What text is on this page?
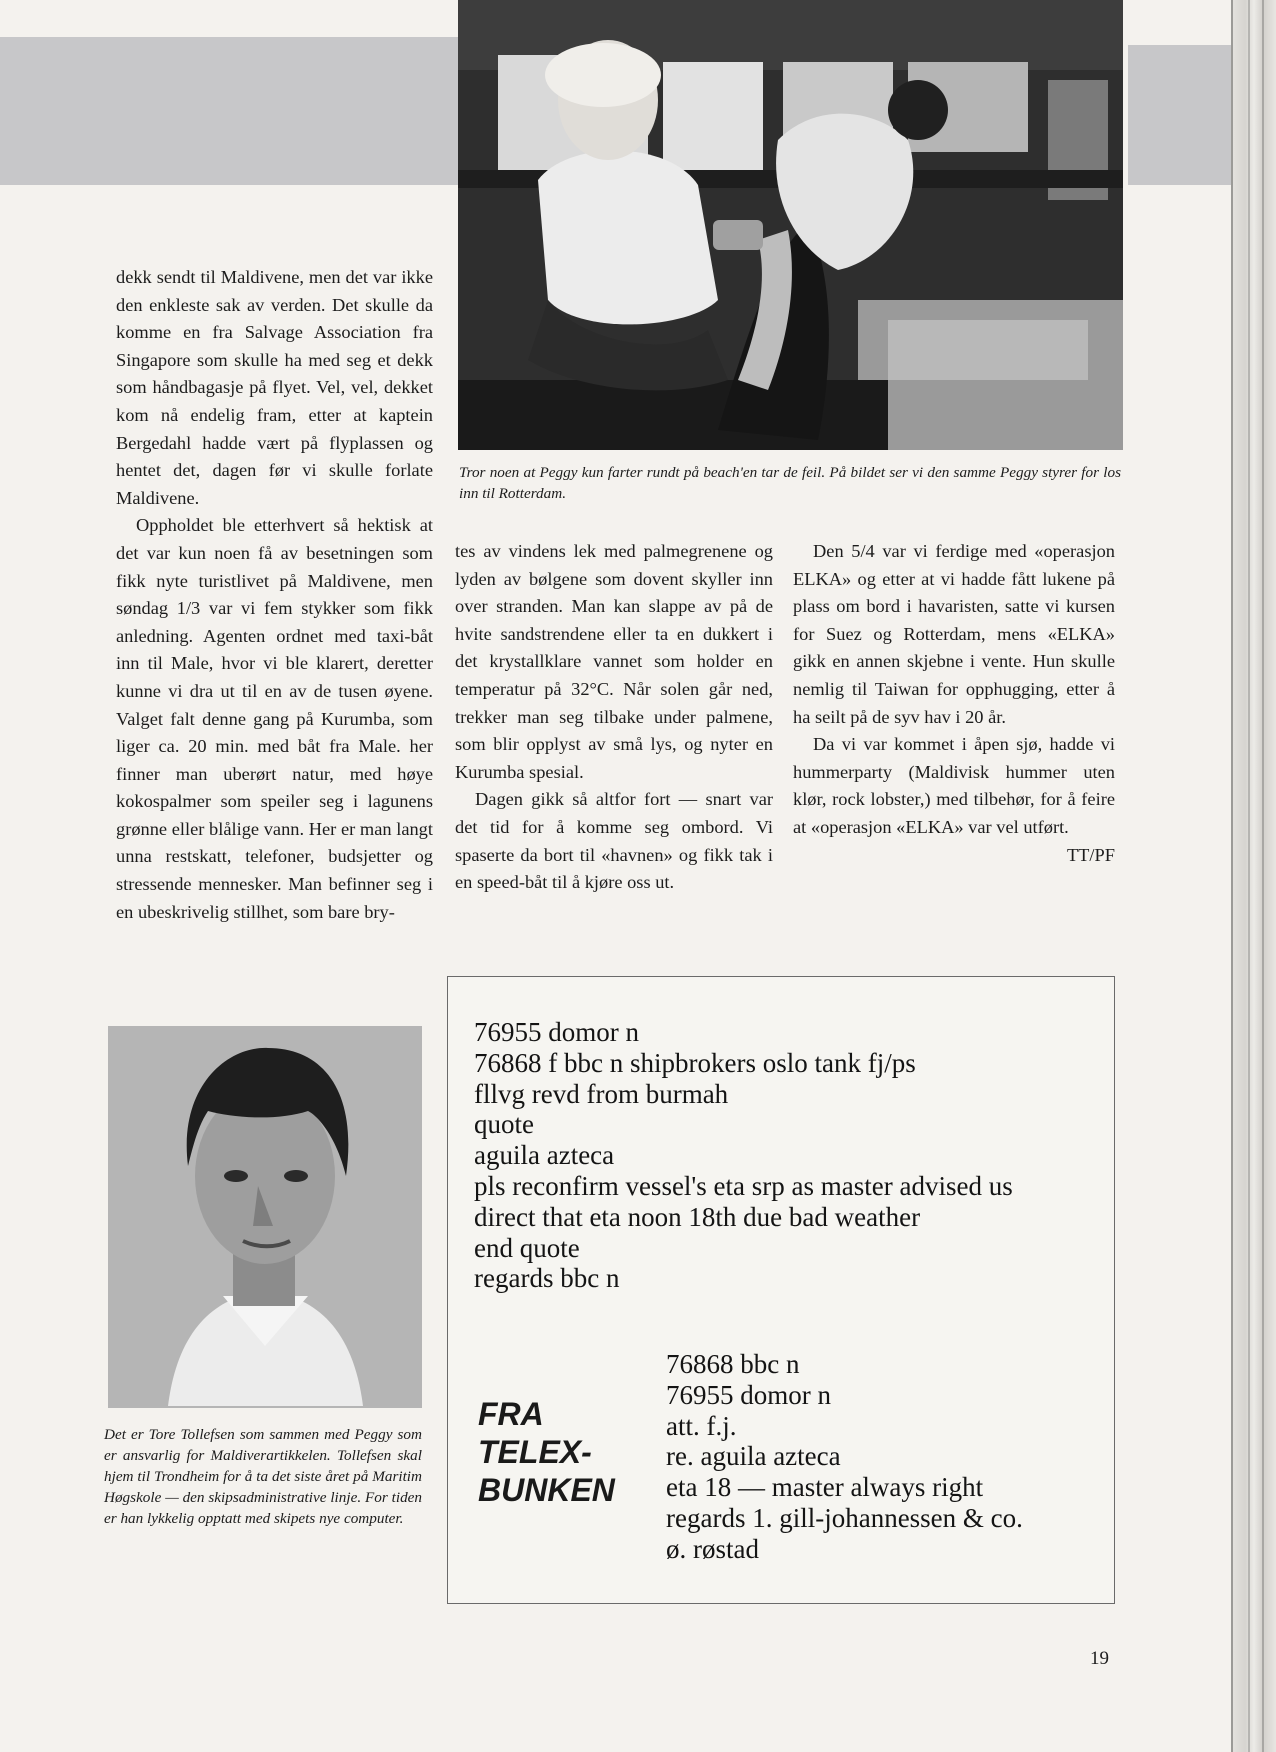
Tror noen at Peggy kun farter rundt på beach'en tar de feil. På bildet ser vi den samme Peggy styrer for los inn til Rotterdam.

dekk sendt til Maldivene, men det var ikke den enkleste sak av verden. Det skulle da komme en fra Salvage Association fra Singapore som skulle ha med seg et dekk som håndbagasje på flyet. Vel, vel, dekket kom nå endelig fram, etter at kaptein Bergedahl hadde vært på flyplassen og hentet det, dagen før vi skulle forlate Maldivene.

Oppholdet ble etterhvert så hektisk at det var kun noen få av besetningen som fikk nyte turistlivet på Maldivene, men søndag 1/3 var vi fem stykker som fikk anledning. Agenten ordnet med taxi-båt inn til Male, hvor vi ble klarert, deretter kunne vi dra ut til en av de tusen øyene. Valget falt denne gang på Kurumba, som liger ca. 20 min. med båt fra Male. her finner man uberørt natur, med høye kokospalmer som speiler seg i lagunens grønne eller blålige vann. Her er man langt unna restskatt, telefoner, budsjetter og stressende mennesker. Man befinner seg i en ubeskrivelig stillhet, som bare bry-

tes av vindens lek med palmegrenene og lyden av bølgene som dovent skyller inn over stranden. Man kan slappe av på de hvite sandstrendene eller ta en dukkert i det krystallklare vannet som holder en temperatur på 32°C. Når solen går ned, trekker man seg tilbake under palmene, som blir opplyst av små lys, og nyter en Kurumba spesial.

Dagen gikk så altfor fort — snart var det tid for å komme seg ombord. Vi spaserte da bort til «havnen» og fikk tak i en speed-båt til å kjøre oss ut.

Den 5/4 var vi ferdige med «operasjon ELKA» og etter at vi hadde fått lukene på plass om bord i havaristen, satte vi kursen for Suez og Rotterdam, mens «ELKA» gikk en annen skjebne i vente. Hun skulle nemlig til Taiwan for opphugging, etter å ha seilt på de syv hav i 20 år.

Da vi var kommet i åpen sjø, hadde vi hummerparty (Maldivisk hummer uten klør, rock lobster,) med tilbehør, for å feire at «operasjon «ELKA» var vel utført.

TT/PF

Det er Tore Tollefsen som sammen med Peggy som er ansvarlig for Maldiverartikkelen. Tollefsen skal hjem til Trondheim for å ta det siste året på Maritim Høgskole — den skipsadministrative linje. For tiden er han lykkelig opptatt med skipets nye computer.
76955 domor n
76868 f bbc n shipbrokers oslo tank fj/ps
fllvg revd from burmah
quote
aguila azteca
pls reconfirm vessel's eta srp as master advised us
direct that eta noon 18th due bad weather
end quote
regards bbc n
FRA
TELEX-
BUNKEN
76868 bbc n
76955 domor n
att. f.j.
re. aguila azteca
eta 18 — master always right
regards 1. gill-johannessen & co.
ø. røstad
19
